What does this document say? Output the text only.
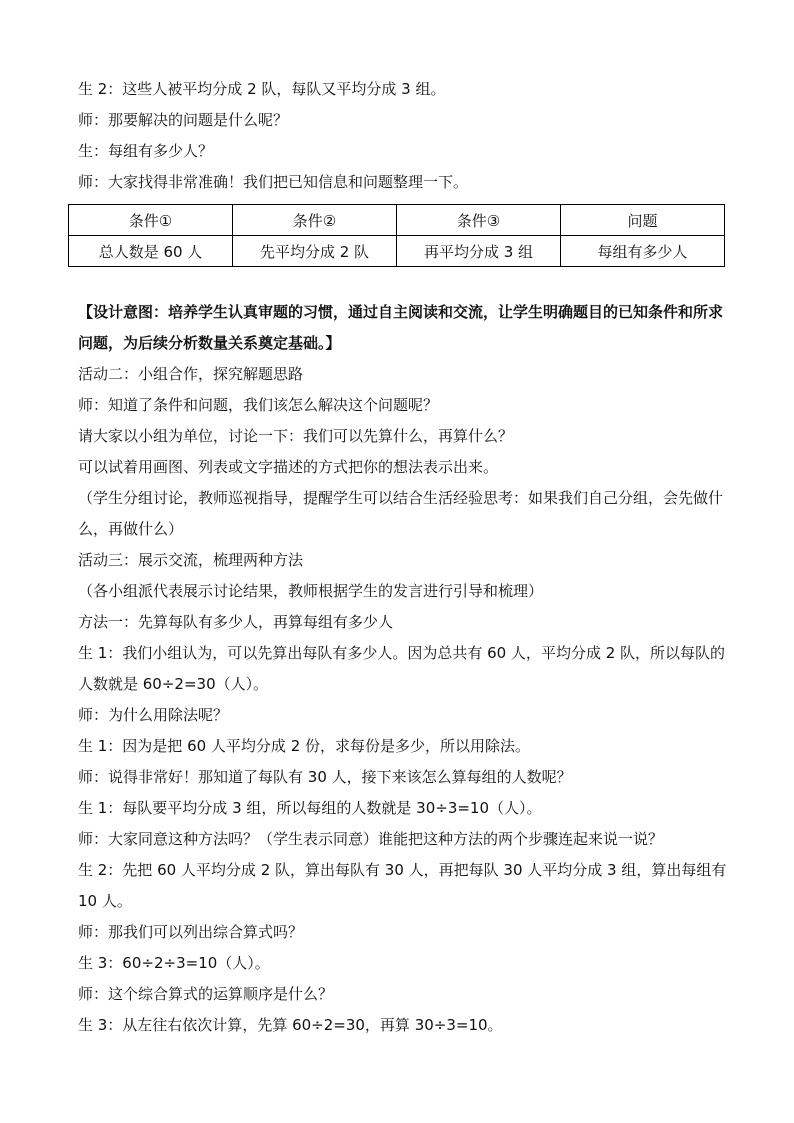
生 2：这些人被平均分成 2 队，每队又平均分成 3 组。

师：那要解决的问题是什么呢？

生：每组有多少人？

师：大家找得非常准确！我们把已知信息和问题整理一下。

条件①	条件②	条件③	问题
总人数是 60 人	先平均分成 2 队	再平均分成 3 组	每组有多少人

【设计意图：培养学生认真审题的习惯，通过自主阅读和交流，让学生明确题目的已知条件和所求问题，为后续分析数量关系奠定基础。】

活动二：小组合作，探究解题思路

师：知道了条件和问题，我们该怎么解决这个问题呢？

请大家以小组为单位，讨论一下：我们可以先算什么，再算什么？

可以试着用画图、列表或文字描述的方式把你的想法表示出来。

（学生分组讨论，教师巡视指导，提醒学生可以结合生活经验思考：如果我们自己分组，会先做什么，再做什么）

活动三：展示交流，梳理两种方法

（各小组派代表展示讨论结果，教师根据学生的发言进行引导和梳理）

方法一：先算每队有多少人，再算每组有多少人

生 1：我们小组认为，可以先算出每队有多少人。因为总共有 60 人，平均分成 2 队，所以每队的人数就是 60÷2=30（人）。

师：为什么用除法呢？

生 1：因为是把 60 人平均分成 2 份，求每份是多少，所以用除法。

师：说得非常好！那知道了每队有 30 人，接下来该怎么算每组的人数呢？

生 1：每队要平均分成 3 组，所以每组的人数就是 30÷3=10（人）。

师：大家同意这种方法吗？（学生表示同意）谁能把这种方法的两个步骤连起来说一说？

生 2：先把 60 人平均分成 2 队，算出每队有 30 人，再把每队 30 人平均分成 3 组，算出每组有 10 人。

师：那我们可以列出综合算式吗？

生 3：60÷2÷3=10（人）。

师：这个综合算式的运算顺序是什么？

生 3：从左往右依次计算，先算 60÷2=30，再算 30÷3=10。
